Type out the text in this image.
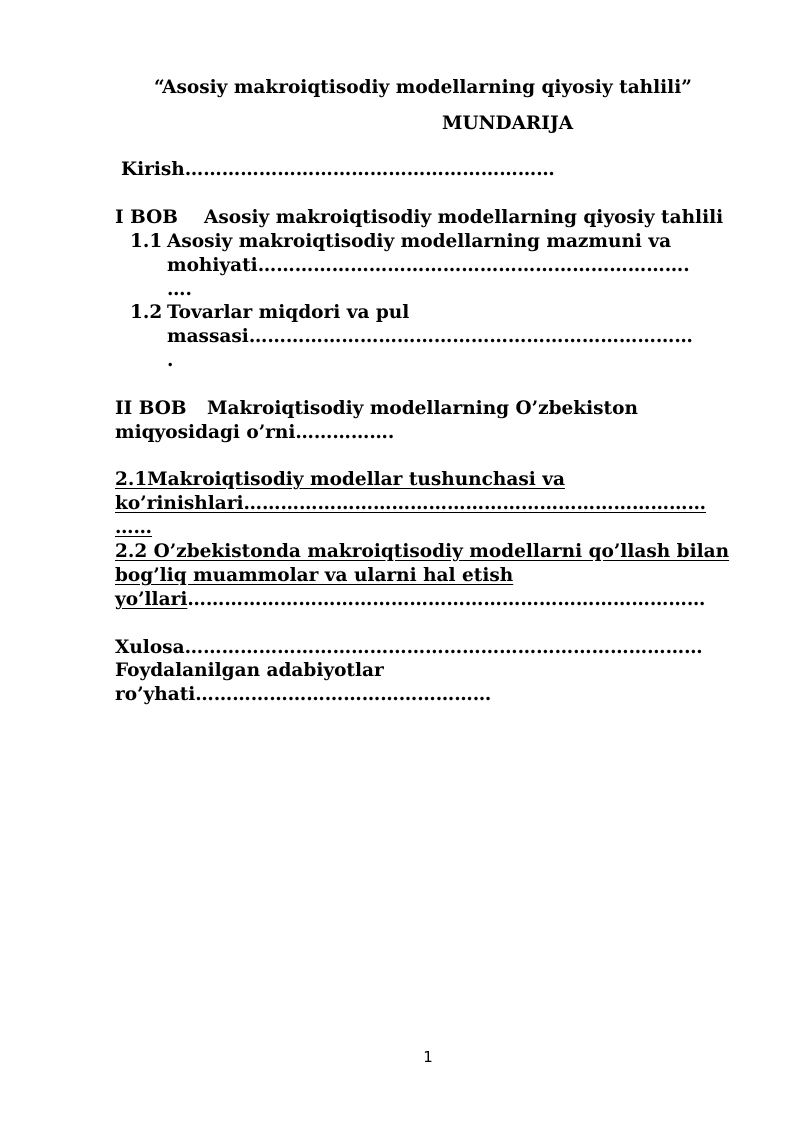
“Asosiy makroiqtisodiy modellarning qiyosiy tahlili”
MUNDARIJA
Kirish……………………………………………………
I BOB Asosiy makroiqtisodiy modellarning qiyosiy tahlili
1.1 Asosiy makroiqtisodiy modellarning mazmuni va
mohiyati…………………………………………………………….
….
1.2 Tovarlar miqdori va pul
massasi………………………………………………………………
.
II BOB Makroiqtisodiy modellarning O’zbekiston
miqyosidagi o’rni…………….
2.1Makroiqtisodiy modellar tushunchasi va
ko’rinishlari…………………………………………………………………
……
2.2 O’zbekistonda makroiqtisodiy modellarni qo’llash bilan
bog’liq muammolar va ularni hal etish
yo’llari…………………………………………………………………………
Xulosa…………………………………………………………………………
Foydalanilgan adabiyotlar
ro’yhati…………………………………………
1
